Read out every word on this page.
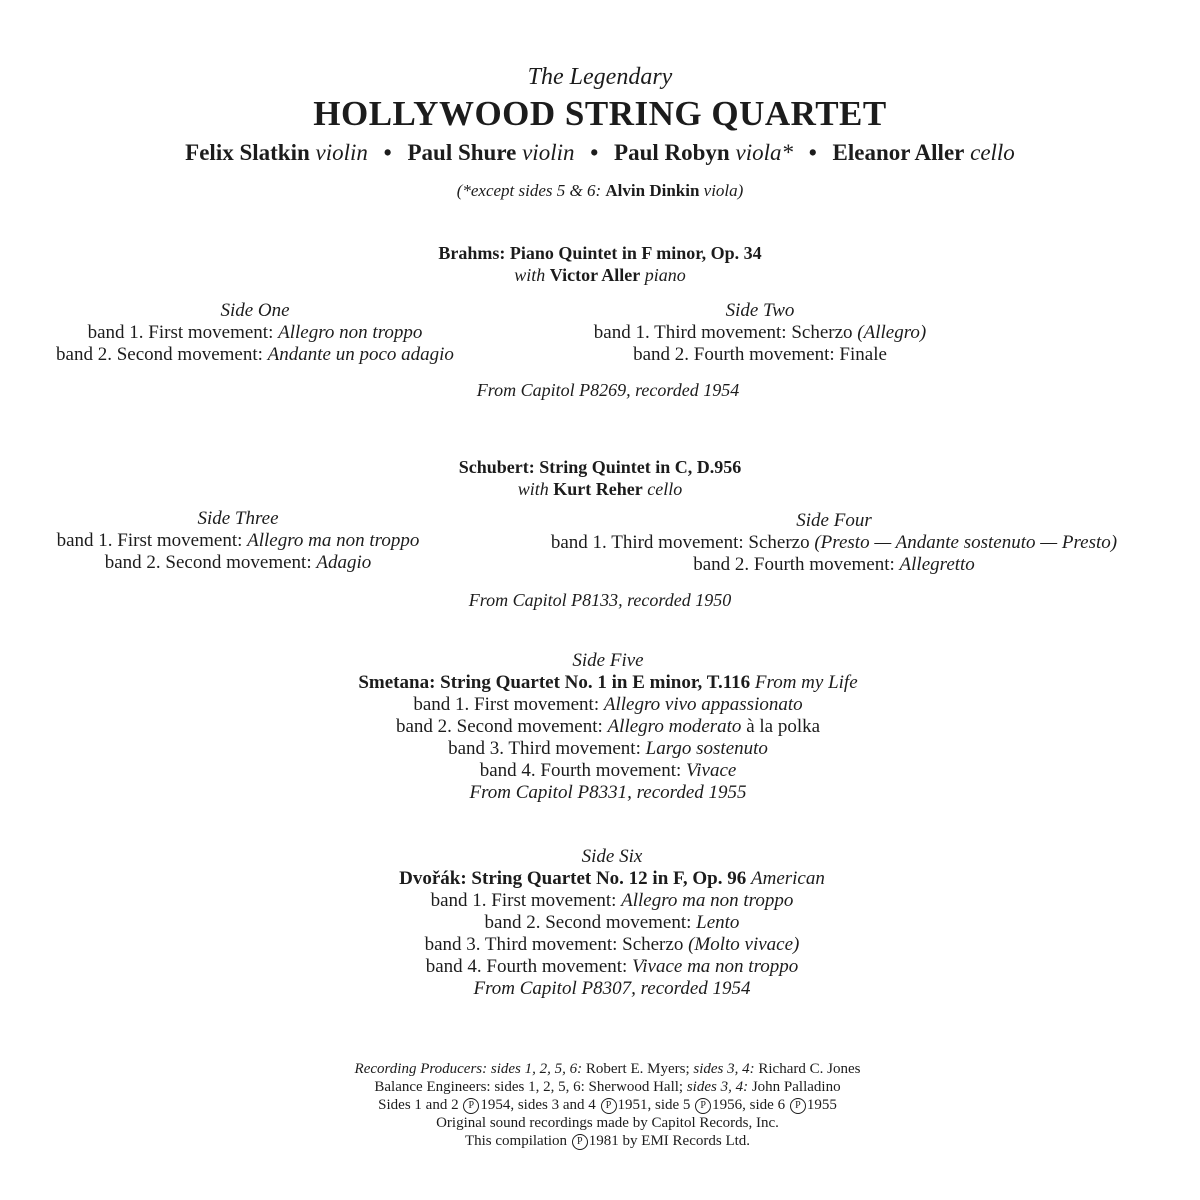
The Legendary
HOLLYWOOD STRING QUARTET
Felix Slatkin violin • Paul Shure violin • Paul Robyn viola* • Eleanor Aller cello
(*except sides 5 & 6: Alvin Dinkin viola)
Brahms: Piano Quintet in F minor, Op. 34
with Victor Aller piano
Side One
band 1. First movement: Allegro non troppo
band 2. Second movement: Andante un poco adagio
Side Two
band 1. Third movement: Scherzo (Allegro)
band 2. Fourth movement: Finale
From Capitol P8269, recorded 1954
Schubert: String Quintet in C, D.956
with Kurt Reher cello
Side Three
band 1. First movement: Allegro ma non troppo
band 2. Second movement: Adagio
Side Four
band 1. Third movement: Scherzo (Presto — Andante sostenuto — Presto)
band 2. Fourth movement: Allegretto
From Capitol P8133, recorded 1950
Side Five
Smetana: String Quartet No. 1 in E minor, T.116 From my Life
band 1. First movement: Allegro vivo appassionato
band 2. Second movement: Allegro moderato à la polka
band 3. Third movement: Largo sostenuto
band 4. Fourth movement: Vivace
From Capitol P8331, recorded 1955
Side Six
Dvořák: String Quartet No. 12 in F, Op. 96 American
band 1. First movement: Allegro ma non troppo
band 2. Second movement: Lento
band 3. Third movement: Scherzo (Molto vivace)
band 4. Fourth movement: Vivace ma non troppo
From Capitol P8307, recorded 1954
Recording Producers: sides 1, 2, 5, 6: Robert E. Myers; sides 3, 4: Richard C. Jones
Balance Engineers: sides 1, 2, 5, 6: Sherwood Hall; sides 3, 4: John Palladino
Sides 1 and 2 P 1954, sides 3 and 4 P 1951, side 5 P 1956, side 6 P 1955
Original sound recordings made by Capitol Records, Inc.
This compilation P 1981 by EMI Records Ltd.
